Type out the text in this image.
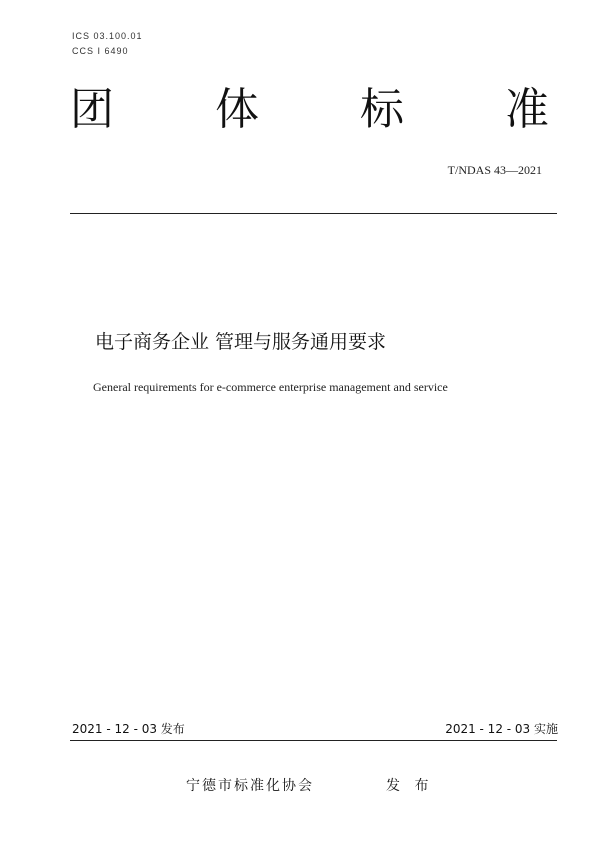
ICS 03.100.01
CCS I 6490
团 体 标 准
T/NDAS 43—2021
电子商务企业 管理与服务通用要求
General requirements for e-commerce enterprise management and service
2021 - 12 - 03 发布	2021 - 12 - 03 实施
宁德市标准化协会	发 布
